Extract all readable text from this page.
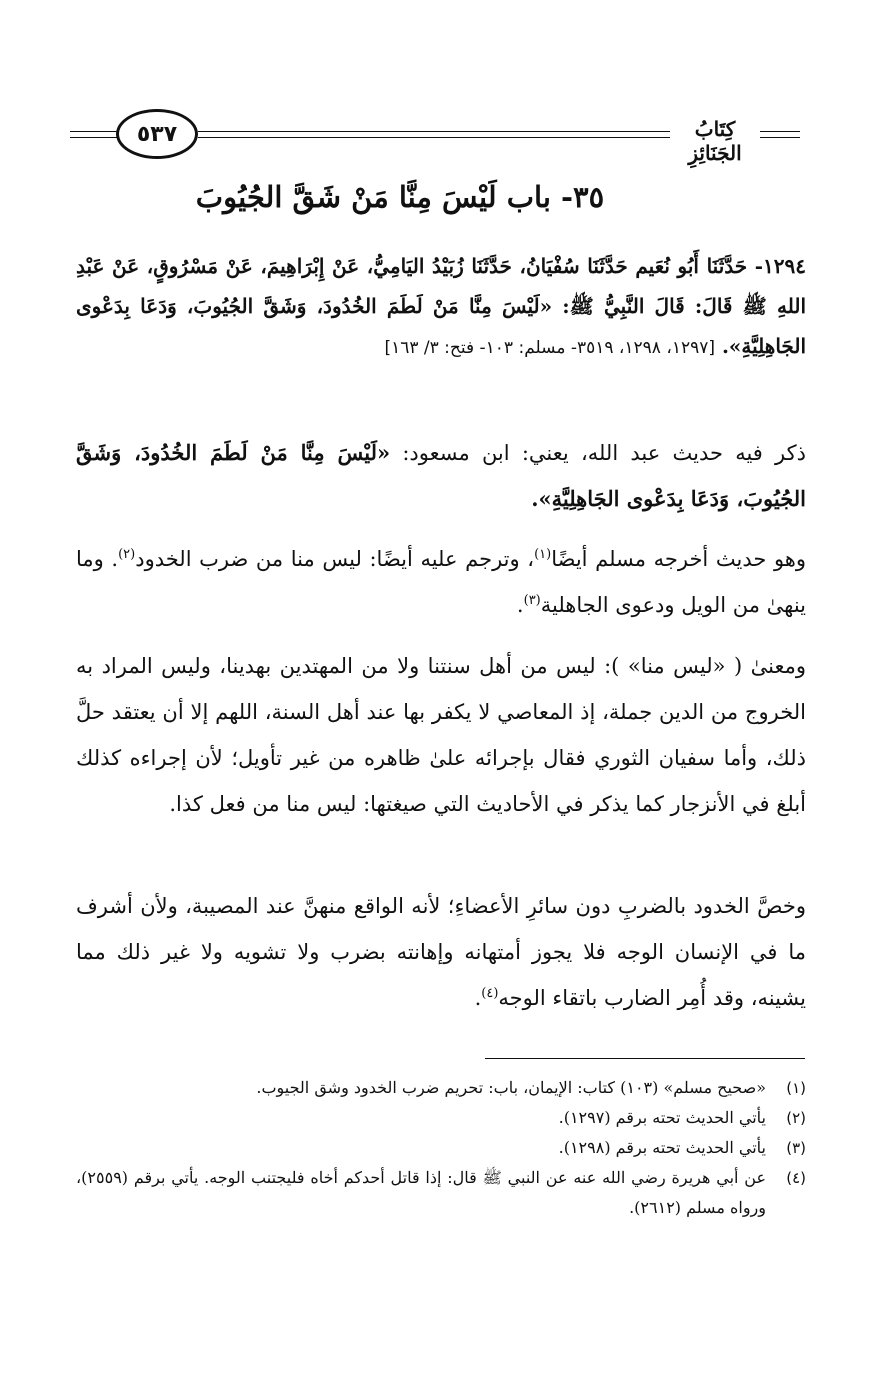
٥٣٧	كِتَابُ الجَنَائِزِ
٣٥- باب لَيْسَ مِنَّا مَنْ شَقَّ الجُيُوبَ
١٢٩٤- حَدَّثَنَا أَبُو نُعَيم حَدَّثَنَا سُفْيَانُ، حَدَّثَنَا زُبَيْدُ اليَامِيُّ، عَنْ إِبْرَاهِيمَ، عَنْ مَسْرُوقٍ، عَنْ عَبْدِ اللهِ ﷺ قَالَ: قَالَ النَّبِيُّ ﷺ: «لَيْسَ مِنَّا مَنْ لَطَمَ الخُدُودَ، وَشَقَّ الجُيُوبَ، وَدَعَا بِدَعْوى الجَاهِلِيَّةِ». [١٢٩٧، ١٢٩٨، ٣٥١٩- مسلم: ١٠٣- فتح: ٣/ ١٦٣]
ذكر فيه حديث عبد الله، يعني: ابن مسعود: «لَيْسَ مِنَّا مَنْ لَطَمَ الخُدُودَ، وَشَقَّ الجُيُوبَ، وَدَعَا بِدَعْوى الجَاهِلِيَّةِ».
وهو حديث أخرجه مسلم أيضًا$^{(١)}$، وترجم عليه أيضًا: ليس منا من ضرب الخدود$^{(٢)}$. وما ينهىٰ من الويل ودعوى الجاهلية$^{(٣)}$.
ومعنىٰ ( «ليس منا» ): ليس من أهل سنتنا ولا من المهتدين بهدينا، وليس المراد به الخروج من الدين جملة، إذ المعاصي لا يكفر بها عند أهل السنة، اللهم إلا أن يعتقد حلَّ ذلك، وأما سفيان الثوري فقال بإجرائه علىٰ ظاهره من غير تأويل؛ لأن إجراءه كذلك أبلغ في الأنزجار كما يذكر في الأحاديث التي صيغتها: ليس منا من فعل كذا.
وخصَّ الخدود بالضربِ دون سائرِ الأعضاءِ؛ لأنه الواقع منهنَّ عند المصيبة، ولأن أشرف ما في الإنسان الوجه فلا يجوز أمتهانه وإهانته بضرب ولا تشويه ولا غير ذلك مما يشينه، وقد أُمِر الضارب باتقاء الوجه$^{(٤)}$.
(١)
«صحيح مسلم» (١٠٣) كتاب: الإيمان، باب: تحريم ضرب الخدود وشق الجيوب.
(٢)
يأتي الحديث تحته برقم (١٢٩٧).
(٣)
يأتي الحديث تحته برقم (١٢٩٨).
(٤)
عن أبي هريرة رضي الله عنه عن النبي ﷺ قال: إذا قاتل أحدكم أخاه فليجتنب الوجه. يأتي برقم (٢٥٥٩)، ورواه مسلم (٢٦١٢).
